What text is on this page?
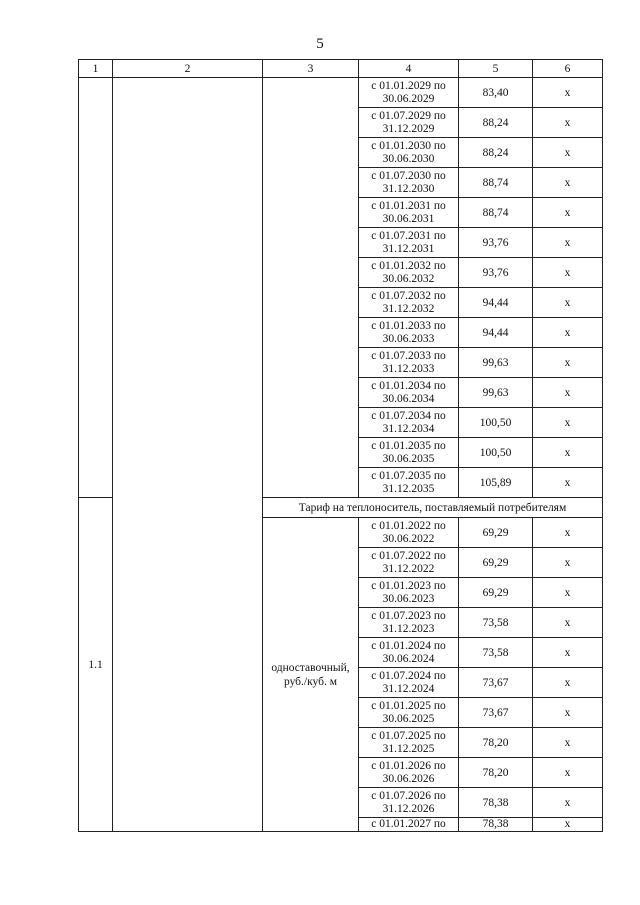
5
1	2	3	4	5	6

			с 01.01.2029 по
30.06.2029	83,40	х

			с 01.07.2029 по
31.12.2029	88,24	х

			с 01.01.2030 по
30.06.2030	88,24	х

			с 01.07.2030 по
31.12.2030	88,74	х

			с 01.01.2031 по
30.06.2031	88,74	х

			с 01.07.2031 по
31.12.2031	93,76	х

			с 01.01.2032 по
30.06.2032	93,76	х

			с 01.07.2032 по
31.12.2032	94,44	х

			с 01.01.2033 по
30.06.2033	94,44	х

			с 01.07.2033 по
31.12.2033	99,63	х

			с 01.01.2034 по
30.06.2034	99,63	х

			с 01.07.2034 по
31.12.2034	100,50	х

			с 01.01.2035 по
30.06.2035	100,50	х

			с 01.07.2035 по
31.12.2035	105,89	х
1.1		Тариф на теплоноситель, поставляемый потребителям			
		одноставочный, руб./куб. м	с 01.01.2022 по
30.06.2022	69,29	х

			с 01.07.2022 по
31.12.2022	69,29	х

			с 01.01.2023 по
30.06.2023	69,29	х

			с 01.07.2023 по
31.12.2023	73,58	х

			с 01.01.2024 по
30.06.2024	73,58	х

			с 01.07.2024 по
31.12.2024	73,67	х

			с 01.01.2025 по
30.06.2025	73,67	х

			с 01.07.2025 по
31.12.2025	78,20	х

			с 01.01.2026 по
30.06.2026	78,20	х

			с 01.07.2026 по
31.12.2026	78,38	х

			с 01.01.2027 по	78,38	х
